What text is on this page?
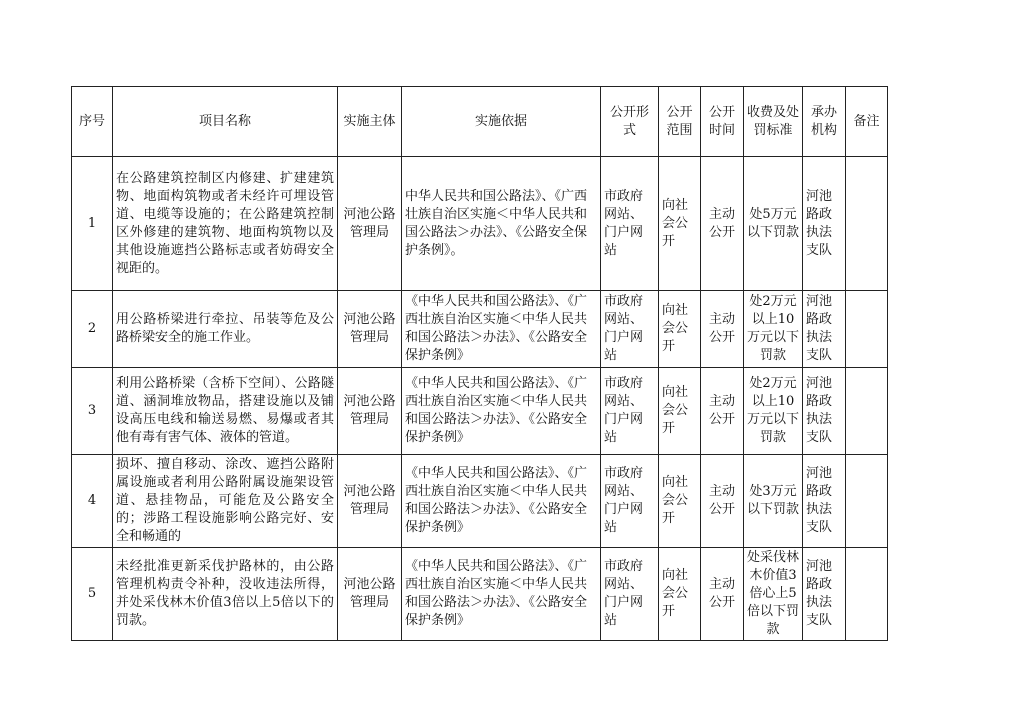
序号	项目名称	实施主体	实施依据	公开形式	公开范围	公开时间	收费及处罚标准	承办机构	备注
1	在公路建筑控制区内修建、扩建建筑物、地面构筑物或者未经许可埋设管道、电缆等设施的；在公路建筑控制区外修建的建筑物、地面构筑物以及其他设施遮挡公路标志或者妨碍安全视距的。	河池公路管理局	中华人民共和国公路法》、《广西壮族自治区实施＜中华人民共和国公路法＞办法》、《公路安全保护条例》。	市政府网站、门户网站	向社会公开	主动公开	处5万元以下罚款	河池路政执法支队	
2	用公路桥梁进行牵拉、吊装等危及公路桥梁安全的施工作业。	河池公路管理局	《中华人民共和国公路法》、《广西壮族自治区实施＜中华人民共和国公路法＞办法》、《公路安全保护条例》	市政府网站、门户网站	向社会公开	主动公开	处2万元以上10万元以下罚款	河池路政执法支队	
3	利用公路桥梁（含桥下空间）、公路隧道、涵洞堆放物品，搭建设施以及铺设高压电线和输送易燃、易爆或者其他有毒有害气体、液体的管道。	河池公路管理局	《中华人民共和国公路法》、《广西壮族自治区实施＜中华人民共和国公路法＞办法》、《公路安全保护条例》	市政府网站、门户网站	向社会公开	主动公开	处2万元以上10万元以下罚款	河池路政执法支队	
4	损坏、擅自移动、涂改、遮挡公路附属设施或者利用公路附属设施架设管道、悬挂物品，可能危及公路安全的；涉路工程设施影响公路完好、安全和畅通的	河池公路管理局	《中华人民共和国公路法》、《广西壮族自治区实施＜中华人民共和国公路法＞办法》、《公路安全保护条例》	市政府网站、门户网站	向社会公开	主动公开	处3万元以下罚款	河池路政执法支队	
5	未经批准更新采伐护路林的，由公路管理机构责令补种，没收违法所得，并处采伐林木价值3倍以上5倍以下的罚款。	河池公路管理局	《中华人民共和国公路法》、《广西壮族自治区实施＜中华人民共和国公路法＞办法》、《公路安全保护条例》	市政府网站、门户网站	向社会公开	主动公开	处采伐林木价值3倍心上5倍以下罚款	河池路政执法支队	
